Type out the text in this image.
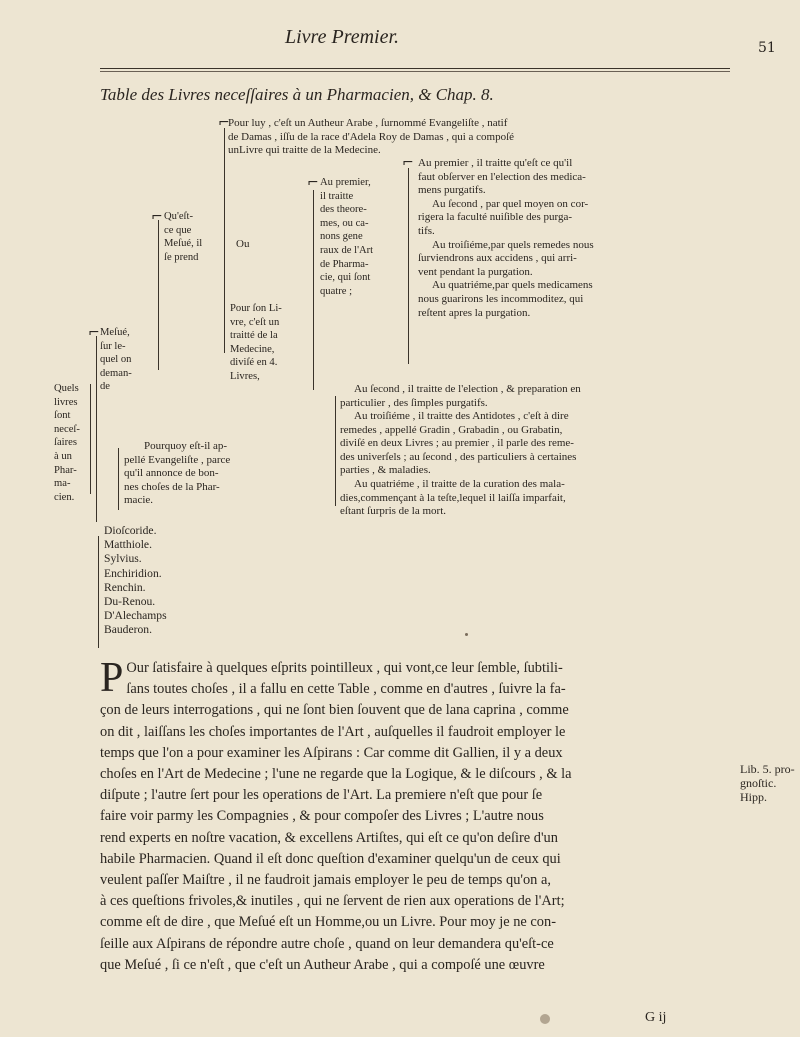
Livre Premier.	51
Table des Livres neceſſaires à un Pharmacien, & Chap. 8.
Quels
livres
ſont
neceſ-
ſaires
à un
Phar-
ma-
cien.
⌐ Qu'eſt-
ce que
Meſué, il
ſe prend
Ou
⌐ Meſué,
ſur le-
quel on
deman-
de
⌐
Pour luy , c'eſt un Autheur Arabe , ſurnommé Evangeliſte , natif
de Damas , iſſu de la race d'Adela Roy de Damas , qui a compoſé
unLivre qui traitte de la Medecine.
Pour ſon Li-
vre, c'eſt un
traitté de la
Medecine,
diviſé en 4.
Livres,
⌐ Au premier,
il traitte
des theore-
mes, ou ca-
nons gene
raux de l'Art
de Pharma-
cie, qui ſont
quatre ;
⌐ Au premier , il traitte qu'eſt ce qu'il
faut obſerver en l'election des medica-
mens purgatifs.
Au ſecond , par quel moyen on cor-
rigera la faculté nuiſible des purga-
tifs.
Au troiſiéme,par quels remedes nous
ſurviendrons aux accidens , qui arri-
vent pendant la purgation.
Au quatriéme,par quels medicamens
nous guarirons les incommoditez, qui
reſtent apres la purgation.
Au ſecond , il traitte de l'election , & preparation en
particulier , des ſimples purgatifs.
Au troiſiéme , il traitte des Antidotes , c'eſt à dire
remedes , appellé Gradin , Grabadin , ou Grabatin,
diviſé en deux Livres ; au premier , il parle des reme-
des univerſels ; au ſecond , des particuliers à certaines
parties , & maladies.
Au quatriéme , il traitte de la curation des mala-
dies,commençant à la teſte,lequel il laiſſa imparfait,
eſtant ſurpris de la mort.
Pourquoy eſt-il ap-
pellé Evangeliſte , parce
qu'il annonce de bon-
nes choſes de la Phar-
macie.
Dioſcoride.
Matthiole.
Sylvius.
Enchiridion.
Renchin.
Du-Renou.
D'Alechamps
Bauderon.
P Our ſatisfaire à quelques eſprits pointilleux , qui vont,ce leur ſemble, ſubtili-
ſans toutes choſes , il a fallu en cette Table , comme en d'autres , ſuivre la fa-
çon de leurs interrogations , qui ne ſont bien ſouvent que de lana caprina , comme
on dit , laiſſans les choſes importantes de l'Art , auſquelles il faudroit employer le
temps que l'on a pour examiner les Aſpirans : Car comme dit Gallien, il y a deux
choſes en l'Art de Medecine ; l'une ne regarde que la Logique, & le diſcours , & la
diſpute ; l'autre ſert pour les operations de l'Art. La premiere n'eſt que pour ſe
faire voir parmy les Compagnies , & pour compoſer des Livres ; L'autre nous
rend experts en noſtre vacation, & excellens Artiſtes, qui eſt ce qu'on deſire d'un
habile Pharmacien. Quand il eſt donc queſtion d'examiner quelqu'un de ceux qui
veulent paſſer Maiſtre , il ne faudroit jamais employer le peu de temps qu'on a,
à ces queſtions frivoles,& inutiles , qui ne ſervent de rien aux operations de l'Art;
comme eſt de dire , que Meſué eſt un Homme,ou un Livre. Pour moy je ne con-
ſeille aux Aſpirans de répondre autre choſe , quand on leur demandera qu'eſt-ce
que Meſué , ſi ce n'eſt , que c'eſt un Autheur Arabe , qui a compoſé une œuvre
Lib. 5. pro-
gnoſtic.
Hipp.
G ij
